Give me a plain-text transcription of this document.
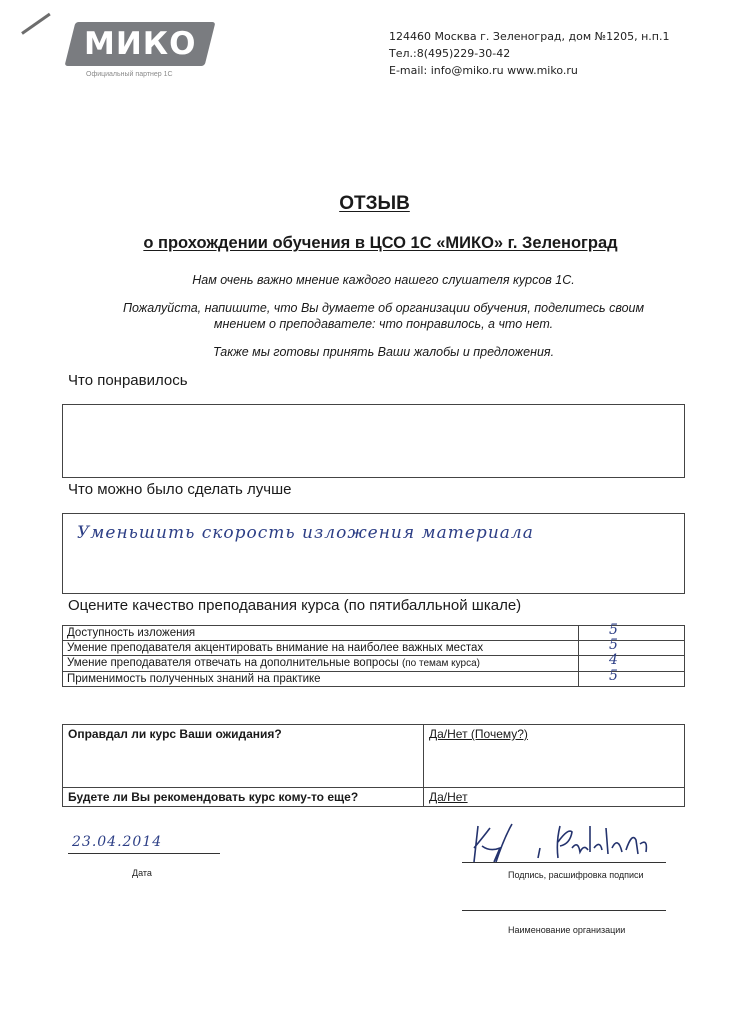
МИКО
Официальный партнер 1С
124460 Москва г. Зеленоград, дом №1205, н.п.1
Тел.:8(495)229-30-42
E-mail: info@miko.ru www.miko.ru
ОТЗЫВ
о прохождении обучения в ЦСО 1С «МИКО» г. Зеленоград
Нам очень важно мнение каждого нашего слушателя курсов 1С.
Пожалуйста, напишите, что Вы думаете об организации обучения, поделитесь своим
мнением о преподавателе: что понравилось, а что нет.
Также мы готовы принять Ваши жалобы и предложения.
Что понравилось
Что можно было сделать лучше
Уменьшить скорость изложения материала
Оцените качество преподавания курса (по пятибалльной шкале)
Доступность изложения	5

Умение преподавателя акцентировать внимание на наиболее важных местах	5

Умение преподавателя отвечать на дополнительные вопросы (по темам курса)	4

Применимость полученных знаний на практике	5
Оправдал ли курс Ваши ожидания?	Да/Нет (Почему?)
Будете ли Вы рекомендовать курс кому-то еще?	Да/Нет
23.04.2014
Дата	Подпись, расшифровка подписи
Наименование организации
